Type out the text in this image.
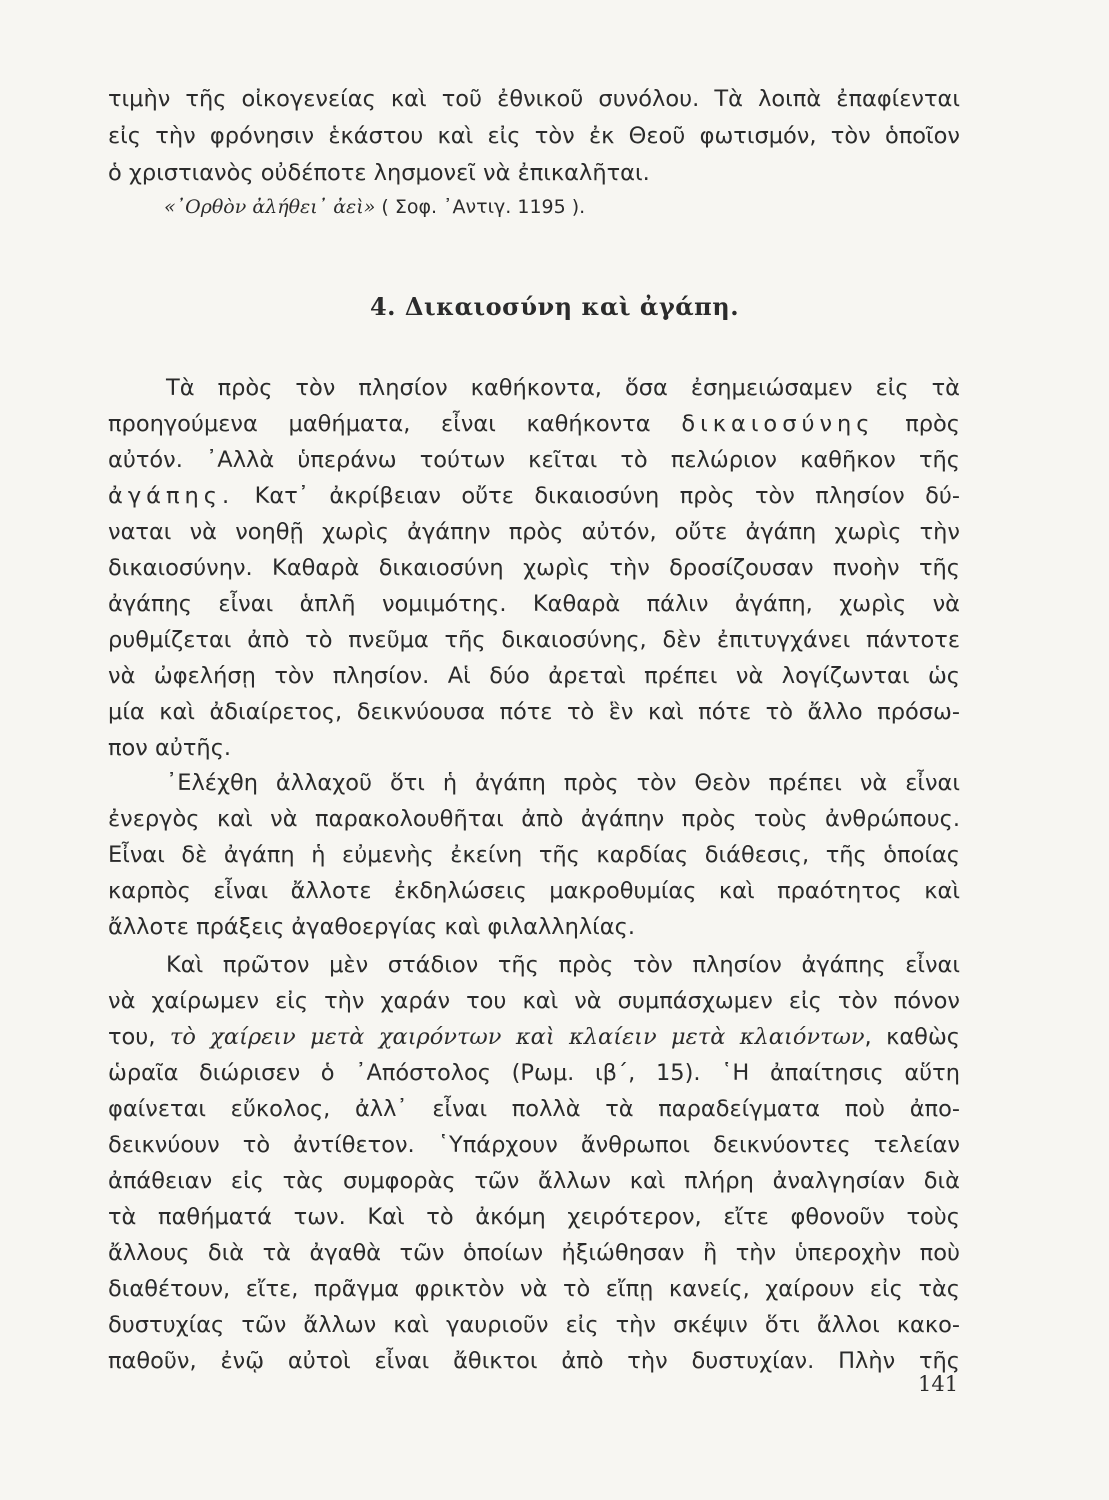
τιμὴν τῆς οἰκογενείας καὶ τοῦ ἐθνικοῦ συνόλου. Τὰ λοιπὰ ἐπαφίενται
εἰς τὴν φρόνησιν ἑκάστου καὶ εἰς τὸν ἐκ Θεοῦ φωτισμόν, τὸν ὁποῖον
ὁ χριστιανὸς οὐδέποτε λησμονεῖ νὰ ἐπικαλῆται.
«᾿Ορθὸν ἀλήθει᾿ ἀεὶ» ( Σοφ. ᾿Αντιγ. 1195 ).
4. Δικαιοσύνη καὶ ἀγάπη.
Τὰ πρὸς τὸν πλησίον καθήκοντα, ὅσα ἐσημειώσαμεν εἰς τὰ
προηγούμενα μαθήματα, εἶναι καθήκοντα δικαιοσύνης πρὸς
αὐτόν. ᾿Αλλὰ ὑπεράνω τούτων κεῖται τὸ πελώριον καθῆκον τῆς
ἀγάπης. Κατ᾿ ἀκρίβειαν οὔτε δικαιοσύνη πρὸς τὸν πλησίον δύ-
ναται νὰ νοηθῇ χωρὶς ἀγάπην πρὸς αὐτόν, οὔτε ἀγάπη χωρὶς τὴν
δικαιοσύνην. Καθαρὰ δικαιοσύνη χωρὶς τὴν δροσίζουσαν πνοὴν τῆς
ἀγάπης εἶναι ἁπλῆ νομιμότης. Καθαρὰ πάλιν ἀγάπη, χωρὶς νὰ
ρυθμίζεται ἀπὸ τὸ πνεῦμα τῆς δικαιοσύνης, δὲν ἐπιτυγχάνει πάντοτε
νὰ ὠφελήσῃ τὸν πλησίον. Αἱ δύο ἀρεταὶ πρέπει νὰ λογίζωνται ὡς
μία καὶ ἀδιαίρετος, δεικνύουσα πότε τὸ ἓν καὶ πότε τὸ ἄλλο πρόσω-
πον αὐτῆς.
᾿Ελέχθη ἀλλαχοῦ ὅτι ἡ ἀγάπη πρὸς τὸν Θεὸν πρέπει νὰ εἶναι
ἐνεργὸς καὶ νὰ παρακολουθῆται ἀπὸ ἀγάπην πρὸς τοὺς ἀνθρώπους.
Εἶναι δὲ ἀγάπη ἡ εὐμενὴς ἐκείνη τῆς καρδίας διάθεσις, τῆς ὁποίας
καρπὸς εἶναι ἄλλοτε ἐκδηλώσεις μακροθυμίας καὶ πραότητος καὶ
ἄλλοτε πράξεις ἀγαθοεργίας καὶ φιλαλληλίας.
Καὶ πρῶτον μὲν στάδιον τῆς πρὸς τὸν πλησίον ἀγάπης εἶναι
νὰ χαίρωμεν εἰς τὴν χαράν του καὶ νὰ συμπάσχωμεν εἰς τὸν πόνον
του, τὸ χαίρειν μετὰ χαιρόντων καὶ κλαίειν μετὰ κλαιόντων, καθὼς
ὡραῖα διώρισεν ὁ ᾿Απόστολος (Ρωμ. ιβ΄, 15). ῾Η ἀπαίτησις αὕτη
φαίνεται εὔκολος, ἀλλ᾿ εἶναι πολλὰ τὰ παραδείγματα ποὺ ἀπο-
δεικνύουν τὸ ἀντίθετον. ῾Υπάρχουν ἄνθρωποι δεικνύοντες τελείαν
ἀπάθειαν εἰς τὰς συμφορὰς τῶν ἄλλων καὶ πλήρη ἀναλγησίαν διὰ
τὰ παθήματά των. Καὶ τὸ ἀκόμη χειρότερον, εἴτε φθονοῦν τοὺς
ἄλλους διὰ τὰ ἀγαθὰ τῶν ὁποίων ἠξιώθησαν ἢ τὴν ὑπεροχὴν ποὺ
διαθέτουν, εἴτε, πρᾶγμα φρικτὸν νὰ τὸ εἴπῃ κανείς, χαίρουν εἰς τὰς
δυστυχίας τῶν ἄλλων καὶ γαυριοῦν εἰς τὴν σκέψιν ὅτι ἄλλοι κακο-
παθοῦν, ἐνῷ αὐτοὶ εἶναι ἄθικτοι ἀπὸ τὴν δυστυχίαν. Πλὴν τῆς
141
